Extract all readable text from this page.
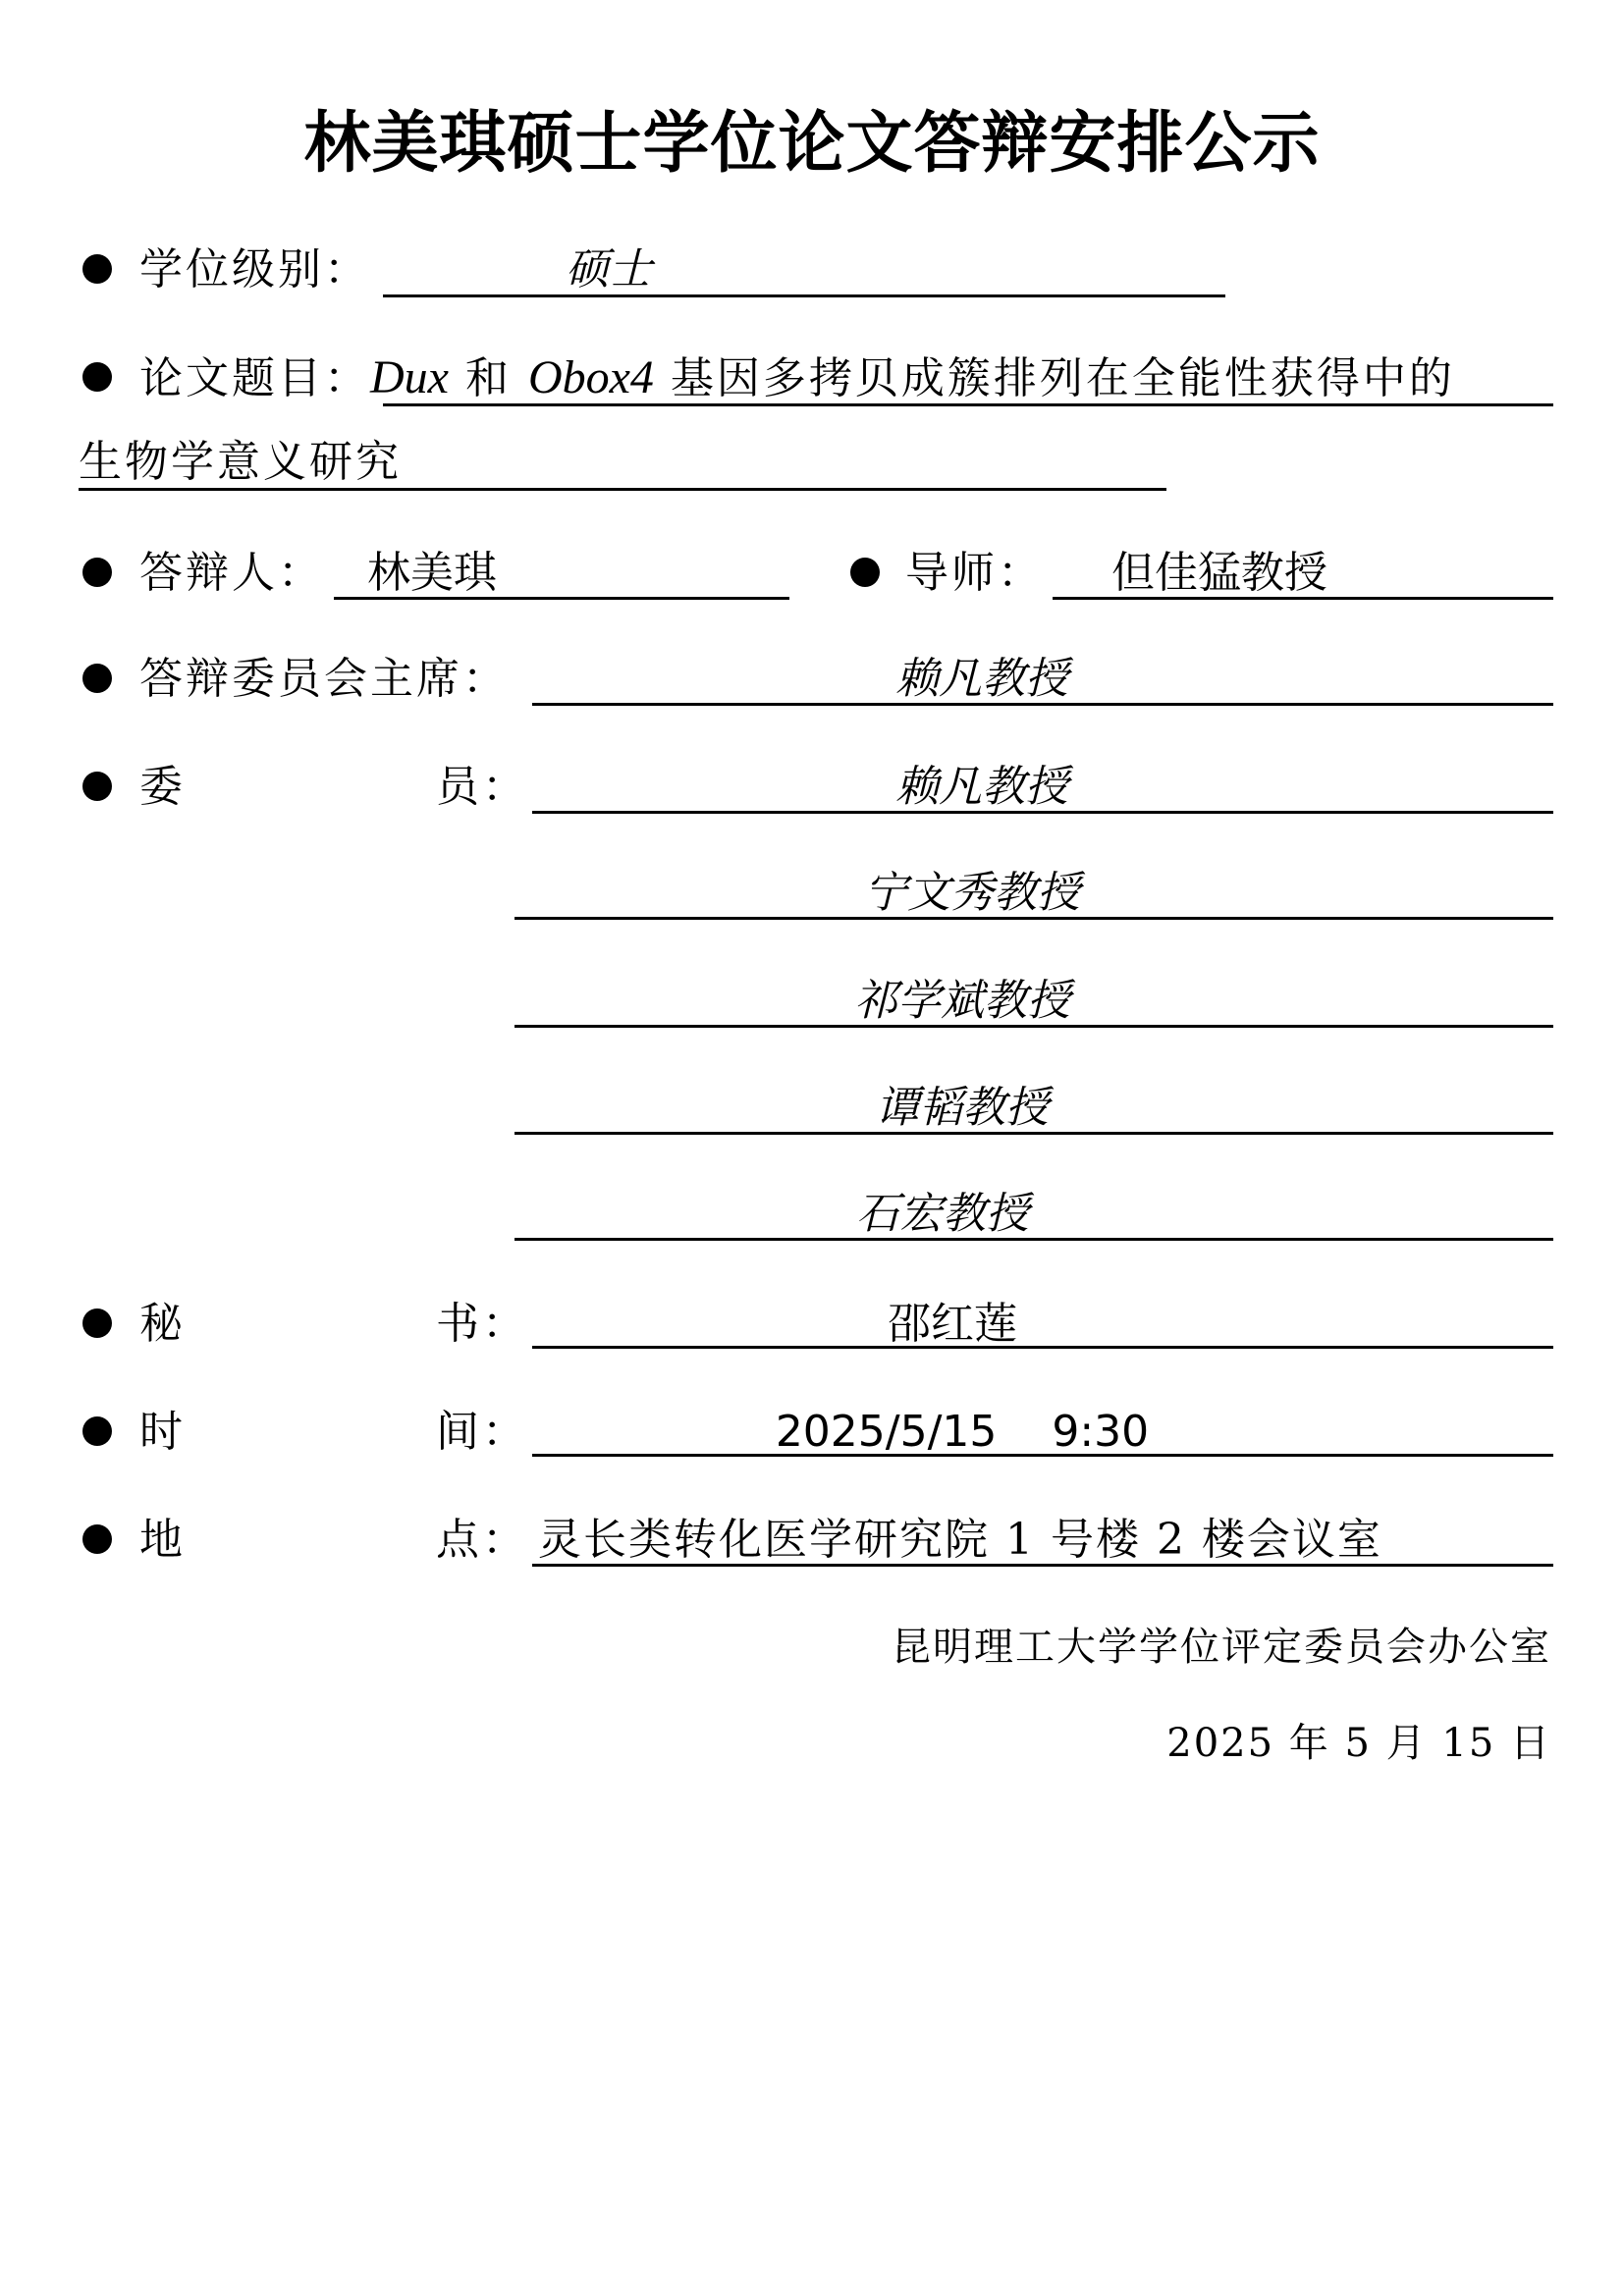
林美琪硕士学位论文答辩安排公示
学位级别：	硕士
论文题目：Dux 和 Obox4 基因多拷贝成簇排列在全能性获得中的
生物学意义研究
答辩人：	林美琪	导师：	但佳猛教授
答辩委员会主席：	赖凡教授
委	员：	赖凡教授
宁文秀教授
祁学斌教授
谭韬教授
石宏教授
秘	书：	邵红莲
时	间：	2025/5/15    9:30
地	点： 灵长类转化医学研究院 1 号楼 2 楼会议室
昆明理工大学学位评定委员会办公室
2025 年 5 月 15 日
